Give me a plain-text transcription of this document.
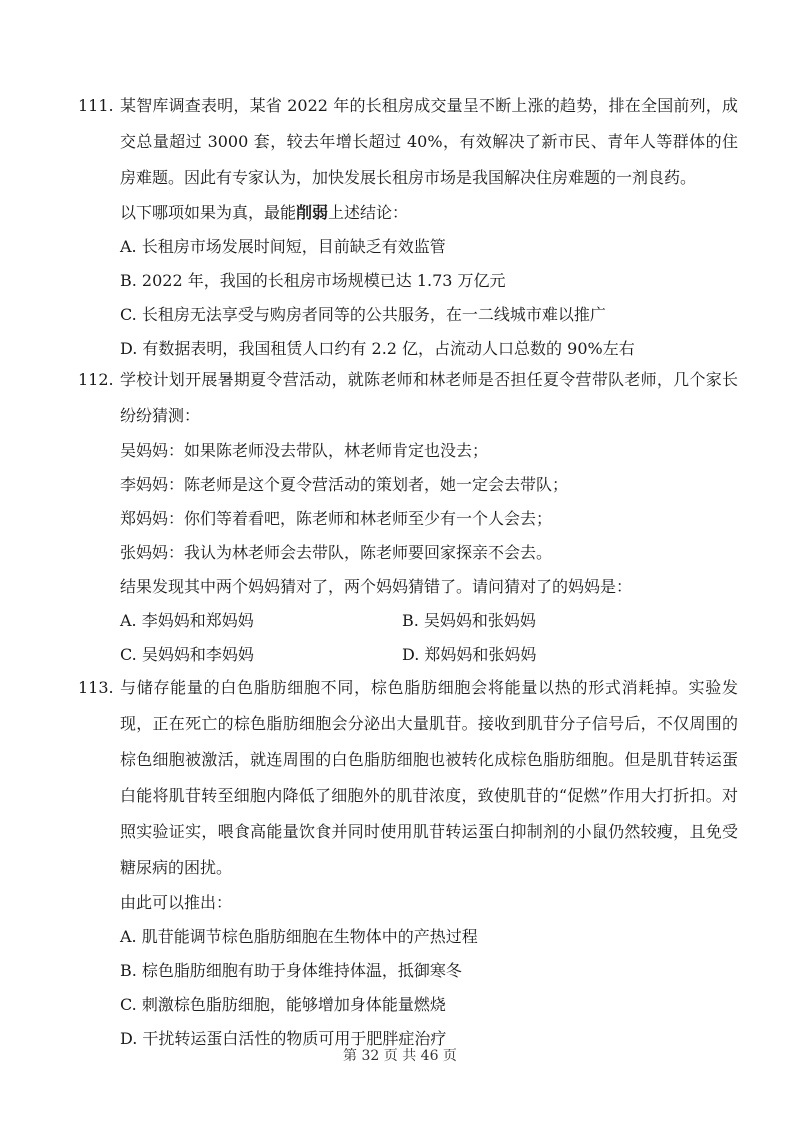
111. 某智库调查表明，某省 2022 年的长租房成交量呈不断上涨的趋势，排在全国前列，成交总量超过 3000 套，较去年增长超过 40%，有效解决了新市民、青年人等群体的住房难题。因此有专家认为，加快发展长租房市场是我国解决住房难题的一剂良药。
以下哪项如果为真，最能削弱上述结论：
A. 长租房市场发展时间短，目前缺乏有效监管
B. 2022 年，我国的长租房市场规模已达 1.73 万亿元
C. 长租房无法享受与购房者同等的公共服务，在一二线城市难以推广
D. 有数据表明，我国租赁人口约有 2.2 亿，占流动人口总数的 90%左右
112. 学校计划开展暑期夏令营活动，就陈老师和林老师是否担任夏令营带队老师，几个家长纷纷猜测：
吴妈妈：如果陈老师没去带队，林老师肯定也没去；
李妈妈：陈老师是这个夏令营活动的策划者，她一定会去带队；
郑妈妈：你们等着看吧，陈老师和林老师至少有一个人会去；
张妈妈：我认为林老师会去带队，陈老师要回家探亲不会去。
结果发现其中两个妈妈猜对了，两个妈妈猜错了。请问猜对了的妈妈是：
A. 李妈妈和郑妈妈	B. 吴妈妈和张妈妈
C. 吴妈妈和李妈妈	D. 郑妈妈和张妈妈
113. 与储存能量的白色脂肪细胞不同，棕色脂肪细胞会将能量以热的形式消耗掉。实验发现，正在死亡的棕色脂肪细胞会分泌出大量肌苷。接收到肌苷分子信号后，不仅周围的棕色细胞被激活，就连周围的白色脂肪细胞也被转化成棕色脂肪细胞。但是肌苷转运蛋白能将肌苷转至细胞内降低了细胞外的肌苷浓度，致使肌苷的“促燃”作用大打折扣。对照实验证实，喂食高能量饮食并同时使用肌苷转运蛋白抑制剂的小鼠仍然较瘦，且免受糖尿病的困扰。
由此可以推出：
A. 肌苷能调节棕色脂肪细胞在生物体中的产热过程
B. 棕色脂肪细胞有助于身体维持体温，抵御寒冬
C. 刺激棕色脂肪细胞，能够增加身体能量燃烧
D. 干扰转运蛋白活性的物质可用于肥胖症治疗
第 32 页 共 46 页
